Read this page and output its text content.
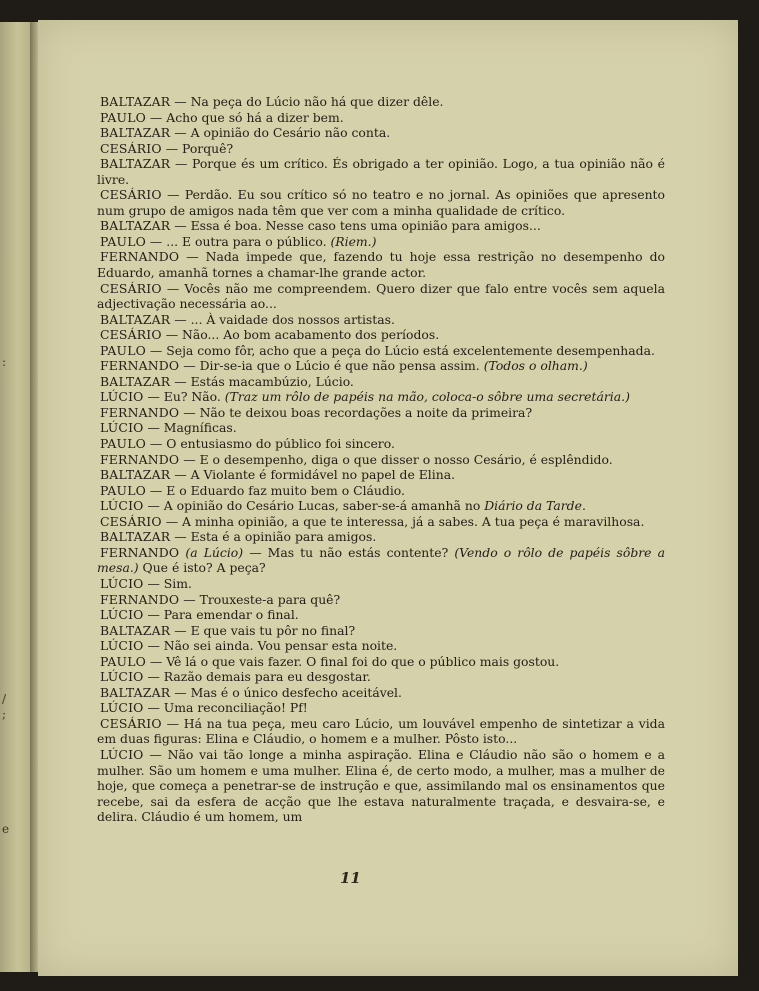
:
/
;
e

BALTAZAR — Na peça do Lúcio não há que dizer dêle.

PAULO — Acho que só há a dizer bem.

BALTAZAR — A opinião do Cesário não conta.

CESÁRIO — Porquê?

BALTAZAR — Porque és um crítico. És obrigado a ter opinião. Logo, a tua opinião não é livre.

CESÁRIO — Perdão. Eu sou crítico só no teatro e no jornal. As opiniões que apresento num grupo de amigos nada têm que ver com a minha qualidade de crítico.

BALTAZAR — Essa é boa. Nesse caso tens uma opinião para amigos...

PAULO — ... E outra para o público. (Riem.)

FERNANDO — Nada impede que, fazendo tu hoje essa restrição no desempenho do Eduardo, amanhã tornes a chamar-lhe grande actor.

CESÁRIO — Vocês não me compreendem. Quero dizer que falo entre vocês sem aquela adjectivação necessária ao...

BALTAZAR — ... À vaidade dos nossos artistas.

CESÁRIO — Não... Ao bom acabamento dos períodos.

PAULO — Seja como fôr, acho que a peça do Lúcio está excelentemente desempenhada.

FERNANDO — Dir-se-ia que o Lúcio é que não pensa assim. (Todos o olham.)

BALTAZAR — Estás macambúzio, Lúcio.

LÚCIO — Eu? Não. (Traz um rôlo de papéis na mão, coloca-o sôbre uma secretária.)

FERNANDO — Não te deixou boas recordações a noite da primeira?

LÚCIO — Magníficas.

PAULO — O entusiasmo do público foi sincero.

FERNANDO — E o desempenho, diga o que disser o nosso Cesário, é esplêndido.

BALTAZAR — A Violante é formidável no papel de Elina.

PAULO — E o Eduardo faz muito bem o Cláudio.

LÚCIO — A opinião do Cesário Lucas, saber-se-á amanhã no Diário da Tarde.

CESÁRIO — A minha opinião, a que te interessa, já a sabes. A tua peça é maravilhosa.

BALTAZAR — Esta é a opinião para amigos.

FERNANDO (a Lúcio) — Mas tu não estás contente? (Vendo o rôlo de papéis sôbre a mesa.) Que é isto? A peça?

LÚCIO — Sim.

FERNANDO — Trouxeste-a para quê?

LÚCIO — Para emendar o final.

BALTAZAR — E que vais tu pôr no final?

LÚCIO — Não sei ainda. Vou pensar esta noite.

PAULO — Vê lá o que vais fazer. O final foi do que o público mais gostou.

LÚCIO — Razão demais para eu desgostar.

BALTAZAR — Mas é o único desfecho aceitável.

LÚCIO — Uma reconciliação! Pf!

CESÁRIO — Há na tua peça, meu caro Lúcio, um louvável empenho de sintetizar a vida em duas figuras: Elina e Cláudio, o homem e a mulher. Pôsto isto...

LÚCIO — Não vai tão longe a minha aspiração. Elina e Cláudio não são o homem e a mulher. São um homem e uma mulher. Elina é, de certo modo, a mulher, mas a mulher de hoje, que começa a penetrar-se de instrução e que, assimilando mal os ensinamentos que recebe, sai da esfera de acção que lhe estava naturalmente traçada, e desvaira-se, e delira. Cláudio é um homem, um

11
